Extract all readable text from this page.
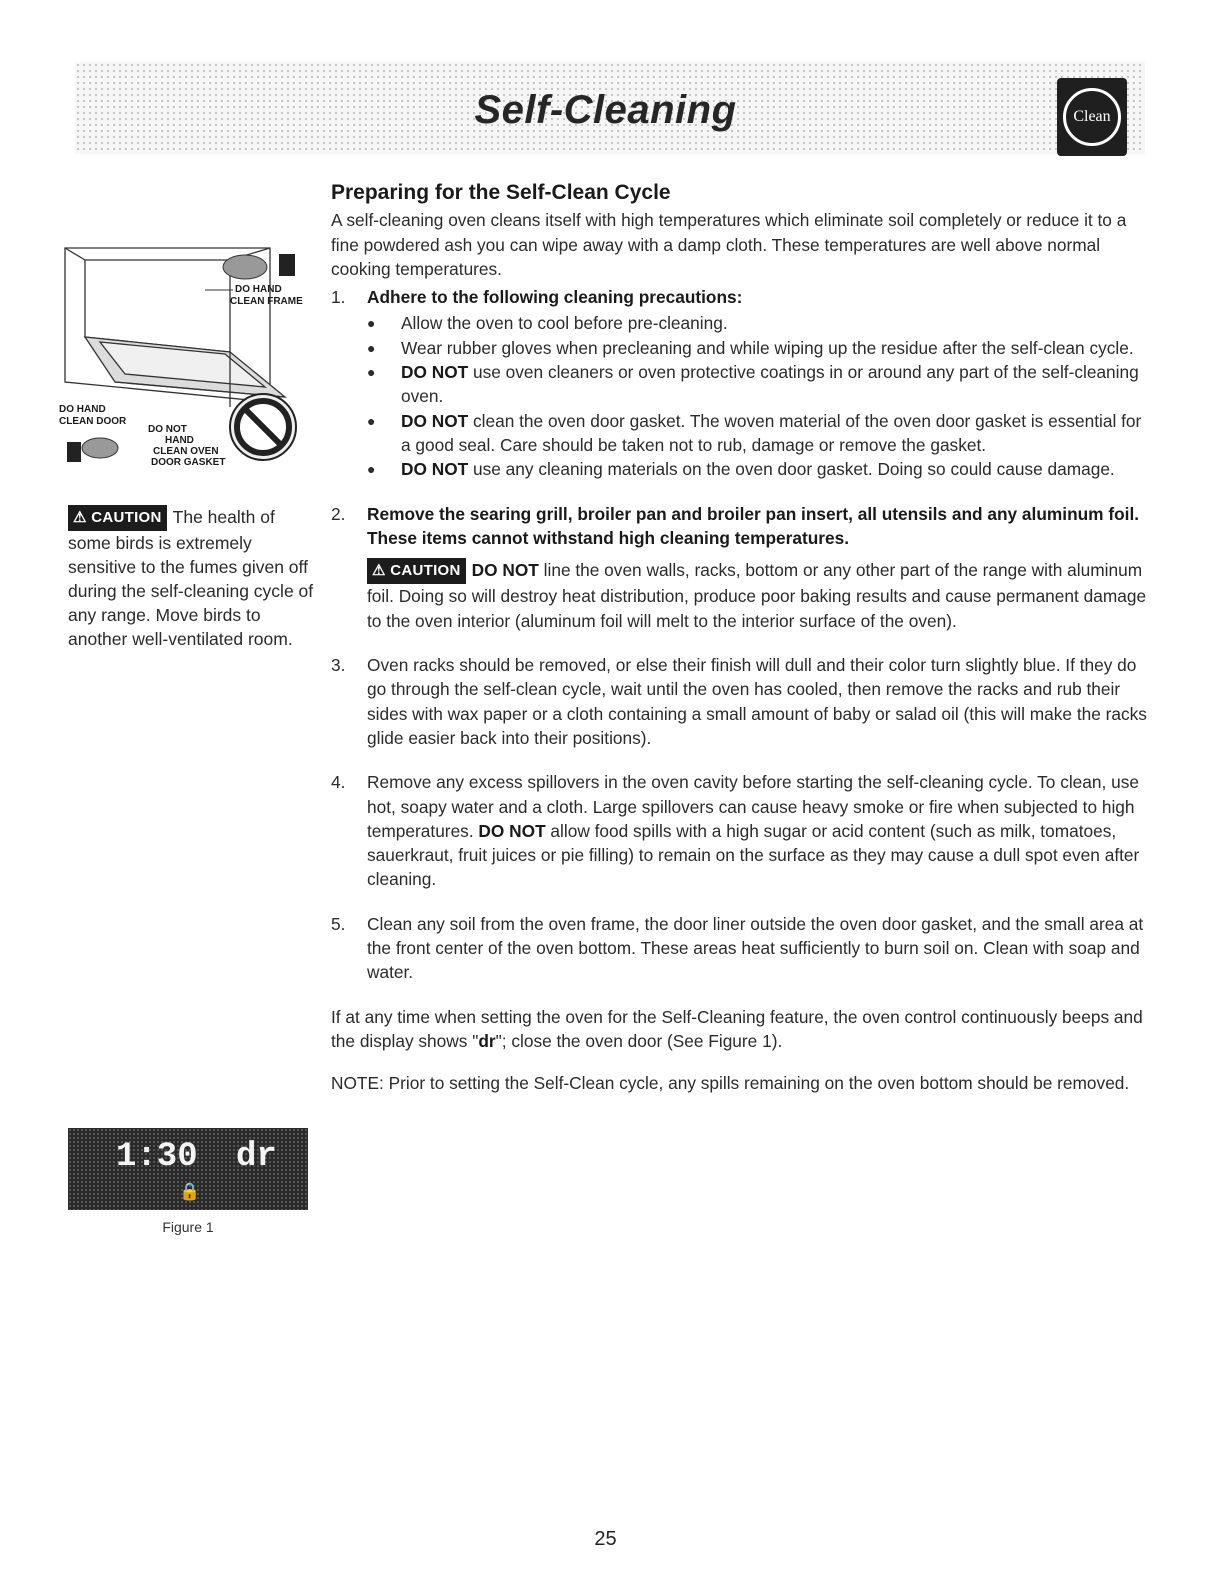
Self-Cleaning	Clean
DO HAND
CLEAN FRAME
DO HAND
CLEAN DOOR
DO NOT
HAND
CLEAN OVEN
DOOR GASKET
⚠ CAUTION The health of some birds is extremely sensitive to the fumes given off during the self-cleaning cycle of any range. Move birds to another well-ventilated room.
Preparing for the Self-Clean Cycle

A self-cleaning oven cleans itself with high temperatures which eliminate soil completely or reduce it to a fine powdered ash you can wipe away with a damp cloth. These temperatures are well above normal cooking temperatures.

1. Adhere to the following cleaning precautions:
●	Allow the oven to cool before pre-cleaning.
●	Wear rubber gloves when precleaning and while wiping up the residue after the self-clean cycle.
●	DO NOT use oven cleaners or oven protective coatings in or around any part of the self-cleaning oven.
●	DO NOT clean the oven door gasket. The woven material of the oven door gasket is essential for a good seal. Care should be taken not to rub, damage or remove the gasket.
●	DO NOT use any cleaning materials on the oven door gasket. Doing so could cause damage.
2. Remove the searing grill, broiler pan and broiler pan insert, all utensils and any aluminum foil. These items cannot withstand high cleaning temperatures.

⚠ CAUTION DO NOT line the oven walls, racks, bottom or any other part of the range with aluminum foil. Doing so will destroy heat distribution, produce poor baking results and cause permanent damage to the oven interior (aluminum foil will melt to the interior surface of the oven).

3. Oven racks should be removed, or else their finish will dull and their color turn slightly blue. If they do go through the self-clean cycle, wait until the oven has cooled, then remove the racks and rub their sides with wax paper or a cloth containing a small amount of baby or salad oil (this will make the racks glide easier back into their positions).
4. Remove any excess spillovers in the oven cavity before starting the self-cleaning cycle. To clean, use hot, soapy water and a cloth. Large spillovers can cause heavy smoke or fire when subjected to high temperatures. DO NOT allow food spills with a high sugar or acid content (such as milk, tomatoes, sauerkraut, fruit juices or pie filling) to remain on the surface as they may cause a dull spot even after cleaning.
5. Clean any soil from the oven frame, the door liner outside the oven door gasket, and the small area at the front center of the oven bottom. These areas heat sufficiently to burn soil on. Clean with soap and water.

If at any time when setting the oven for the Self-Cleaning feature, the oven control continuously beeps and the display shows "dr"; close the oven door (See Figure 1).

NOTE: Prior to setting the Self-Clean cycle, any spills remaining on the oven bottom should be removed.

1:30 dr
🔒
Figure 1
25
